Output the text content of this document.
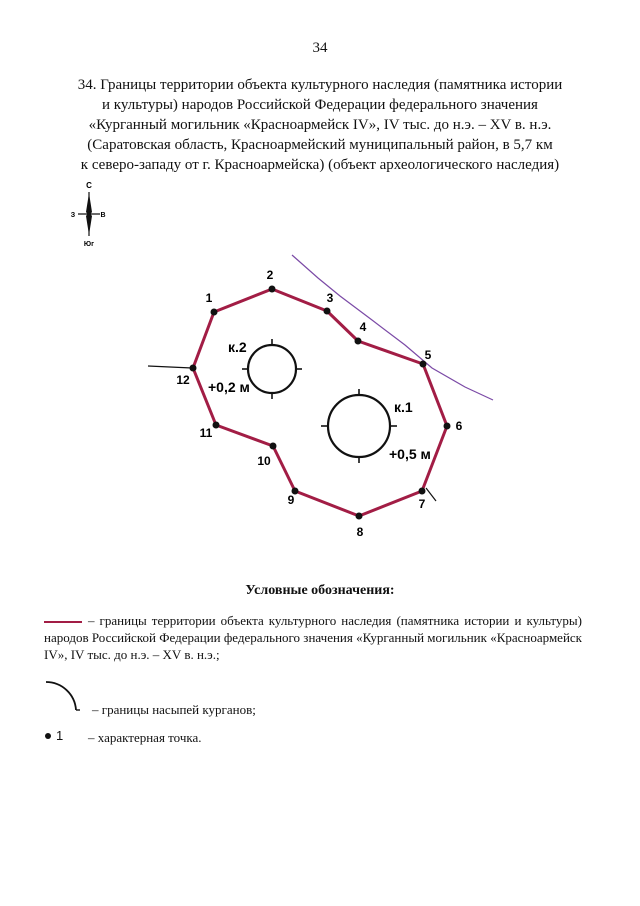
34
34. Границы территории объекта культурного наследия (памятника истории
и культуры) народов Российской Федерации федерального значения
«Курганный могильник «Красноармейск IV», IV тыс. до н.э. – XV в. н.э.
(Саратовская область, Красноармейский муниципальный район, в 5,7 км
к северо-западу от г. Красноармейска) (объект археологического наследия)
С
Юг
З	В
к.2
+0,2 м
к.1
+0,5 м
1
2
3
4
5
6
7
8
9
10
11
12
Условные обозначения:
– границы территории объекта культурного наследия (памятника истории и культуры) народов Российской Федерации федерального значения «Курганный могильник «Красноармейск IV», IV тыс. до н.э. – XV в. н.э.;
– границы насыпей курганов;
1 – характерная точка.
